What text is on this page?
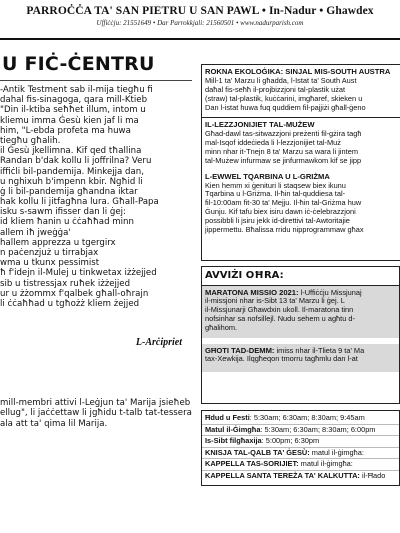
PARROĊĊA TA' SAN PIETRU U SAN PAWL • In-Nadur • Ghawdex
Uffiċċju: 21551649 • Dar Parrokkjali: 21560501 • www.nadurparish.com
U FIĊ-ĊENTRU
-Antik Testment sab il-mija tiegħu fi
dahal fis-sinagoga, qara mill-Ktieb
"Din il-ktiba seħħet illum, intom u
kliemu imma Ġesù kien jaf li ma
him, "L-ebda profeta ma huwa
tiegħu għalih.
il Ġesù jkellimna. Kif qed tħallina
Randan b'dak kollu li joffrilna? Veru
iffiċli bil-pandemija. Minkejja dan,
u nghixuh b'impenn kbir. Ngħid li
ġ li bil-pandemija għandna iktar
hak kollu li jitfagħna lura. Għall-Papa
isku s-sawm ifisser dan li ġej:
id kliem ħanin u ċċaħħad minn
allem iħ jweġġa'
hallem apprezza u tgergirx
n paċenzjuż u tirrabjax
wma u tkunx pessimist
ħ f'idejn il-Mulej u tinkwetax iżżejjed
sib u tistressjax ruħek iżżejjed
ur u żżommx f'qalbek għall-oħrajn
li ċċaħħad u tgħożż kliem żejjed
L-Arċipriet
mill-membri attivi l-Leġjun ta' Marija jsieħeb
ellug", li jaċċettaw li jgħidu t-talb tat-tessera
ala att ta' qima lil Marija.
ROKNA EKOLOĠIKA: SINJAL MIS-SOUTH AUSTRA
Mill-1 ta' Marzu li għadda, l-Istat ta' South Aust
daħal fis-seħħ il-projbizzjoni tal-plastik użat
(straw) tal-plastik, kuċċarini, imgħaref, skieken u
Dan l-istat huwa fuq quddiem fil-pajjiżi għall-ġeno
IL-LEZZJONIJIET TAL-MUŻEW
Għad-dawl tas-sitwazzjoni preżenti fil-gżira tagħ
mal-Isqof iddeċieda li l-lezzjonijiet tal-Muż
minn nhar it-Tnejn 8 ta' Marzu sa wara li jintem
tal-Mużew infurmaw se jinfurmawkom kif se jipp
L-EWWEL TQARBINA U L-GRIŻMA
Kien hemm xi ġenituri li staqsew biex ikunu
Tqarbina u l-Griżma. Il-ħin tal-quddiesa tal-
fil-10:00am fit-30 ta' Mejju. Il-ħin tal-Griżma huw
Ġunju. Kif tafu biex isiru dawn iċ-ċelebrazzjoni
possibbli li jsiru jekk id-direttivi tal-Awtoritajie
jippermettu. Bħalissa rridu nipprogrammaw għax
AVVIŻI OĦRA:
MARATONA MISSIO 2021: l-Uffiċċju Missjunaj
il-missjoni nhar is-Sibt 13 ta' Marzu li ġej. L
il-Missjunarji Għawdxin ukoll. Il-maratona tinn
nofsinhar sa nofsillejl. Nudu sehem u agħtu d-
għalihom.
GĦOTI TAD-DEMM: imiss nhar il-Tlieta 9 ta' Ma
tax-Xewkija. Ilqgħeqon tmorru tagħmlu dan l-at
Ħdud u Festi: 5:30am; 6:30am; 8:30am; 9:45am
Matul il-Ġimgħa: 5:30am; 6:30am; 8:30am; 6:00pm
Is-Sibt filgħaxija: 5:00pm; 6:30pm
KNISJA TAL-QALB TA' ĠESÙ: matul il-ġimgħa:
KAPPELLA TAS-SORIJIET: matul il-ġimgħa:
KAPPELLA SANTA TEREŻA TA' KALKUTTA: il-Ħado
